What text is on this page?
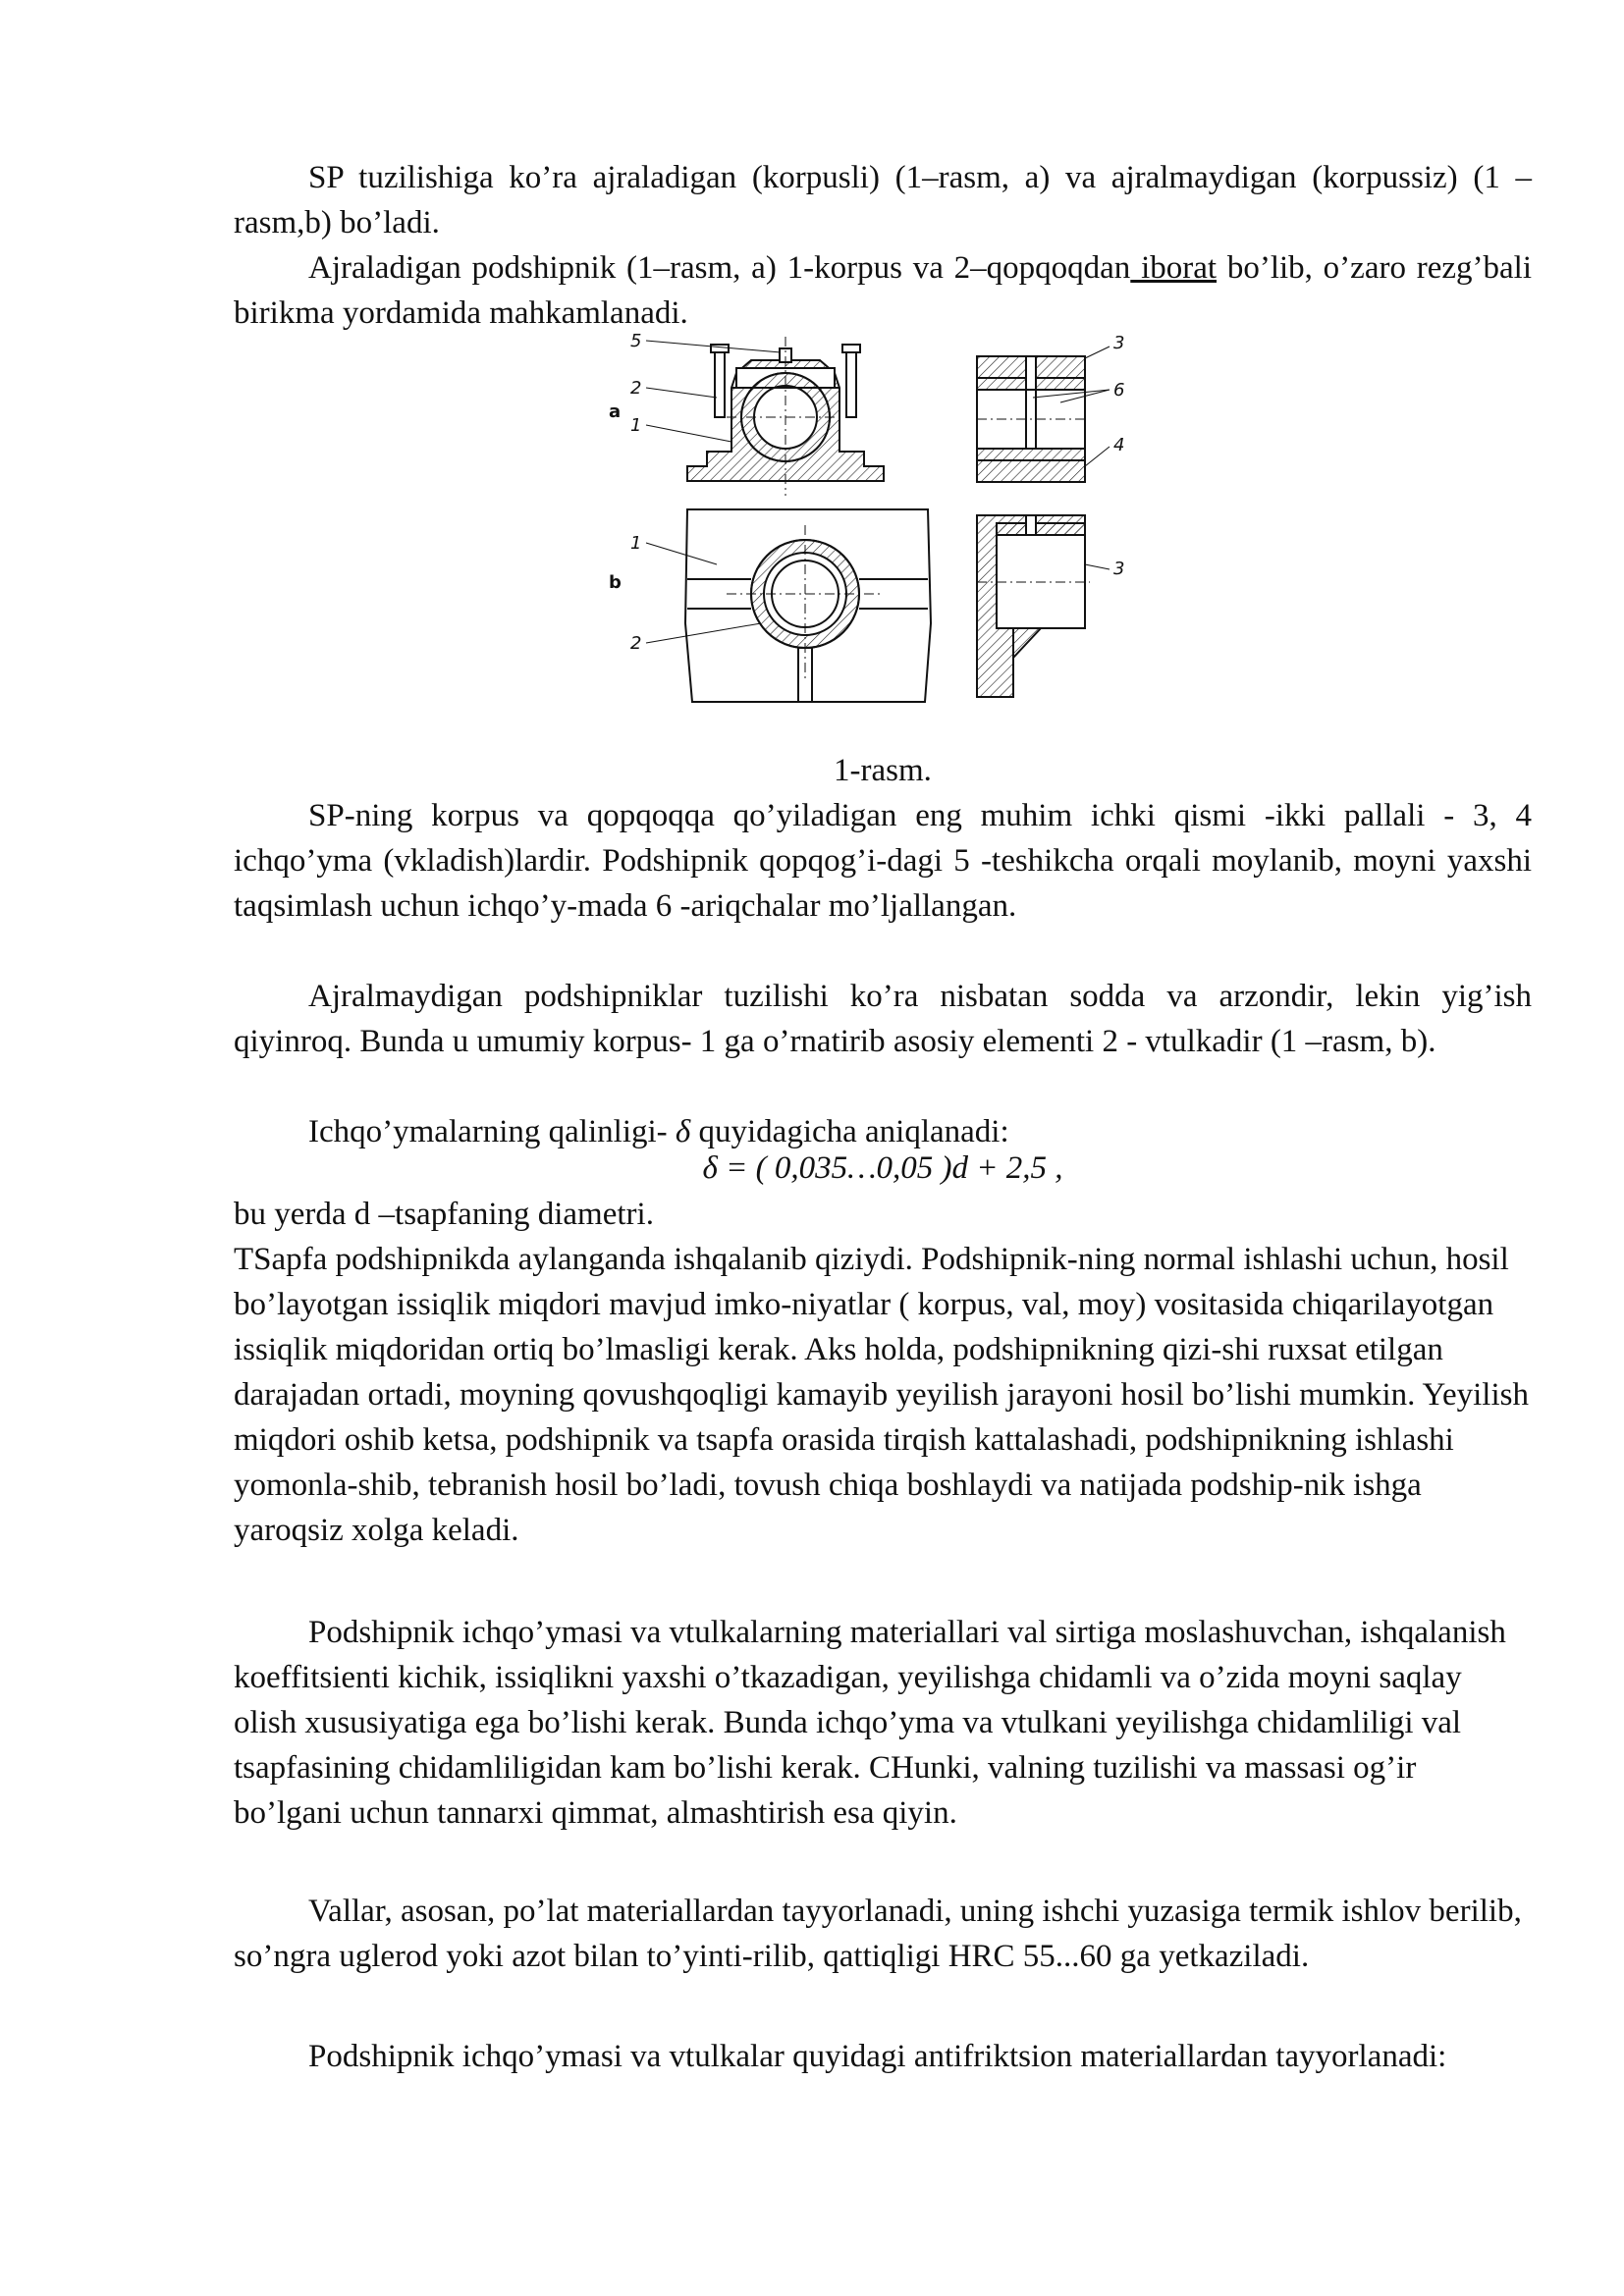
SP tuzilishiga ko’ra ajraladigan (korpusli) (1–rasm, a) va ajralmaydigan (korpussiz) (1 –rasm,b) bo’ladi.

Ajraladigan podshipnik (1–rasm, a) 1-korpus va 2–qopqoqdan iborat bo’lib, o’zaro rezg’bali birikma yordamida mahkamlanadi.

5
2
1
a
3
6
4
1
2
b
3

1-rasm.

SP-ning korpus va qopqoqqa qo’yiladigan eng muhim ichki qismi -ikki pallali - 3, 4 ichqo’yma (vkladish)lardir. Podshipnik qopqog’i-dagi 5 -teshikcha orqali moylanib, moyni yaxshi taqsimlash uchun ichqo’y-mada 6 -ariqchalar mo’ljallangan.

Ajralmaydigan podshipniklar tuzilishi ko’ra nisbatan sodda va arzondir, lekin yig’ish qiyinroq. Bunda u umumiy korpus- 1 ga o’rnatirib asosiy elementi 2 - vtulkadir (1 –rasm, b).

Ichqo’ymalarning qalinligi- δ quyidagicha aniqlanadi:

δ = ( 0,035…0,05 )d + 2,5 ,

bu yerda d –tsapfaning diametri.

TSapfa podshipnikda aylanganda ishqalanib qiziydi. Podshipnik-ning normal ishlashi uchun, hosil bo’layotgan issiqlik miqdori mavjud imko-niyatlar ( korpus, val, moy) vositasida chiqarilayotgan issiqlik miqdoridan ortiq bo’lmasligi kerak. Aks holda, podshipnikning qizi-shi ruxsat etilgan darajadan ortadi, moyning qovushqoqligi kamayib yeyilish jarayoni hosil bo’lishi mumkin. Yeyilish miqdori oshib ketsa, podshipnik va tsapfa orasida tirqish kattalashadi, podshipnikning ishlashi yomonla-shib, tebranish hosil bo’ladi, tovush chiqa boshlaydi va natijada podship-nik ishga yaroqsiz xolga keladi.

Podshipnik ichqo’ymasi va vtulkalarning materiallari val sirtiga moslashuvchan, ishqalanish koeffitsienti kichik, issiqlikni yaxshi o’tkazadigan, yeyilishga chidamli va o’zida moyni saqlay olish xususiyatiga ega bo’lishi kerak. Bunda ichqo’yma va vtulkani yeyilishga chidamliligi val tsapfasining chidamliligidan kam bo’lishi kerak. CHunki, valning tuzilishi va massasi og’ir bo’lgani uchun tannarxi qimmat, almashtirish esa qiyin.

Vallar, asosan, po’lat materiallardan tayyorlanadi, uning ishchi yuzasiga termik ishlov berilib, so’ngra uglerod yoki azot bilan to’yinti-rilib, qattiqligi HRC 55...60 ga yetkaziladi.

Podshipnik ichqo’ymasi va vtulkalar quyidagi antifriktsion materiallardan tayyorlanadi:
